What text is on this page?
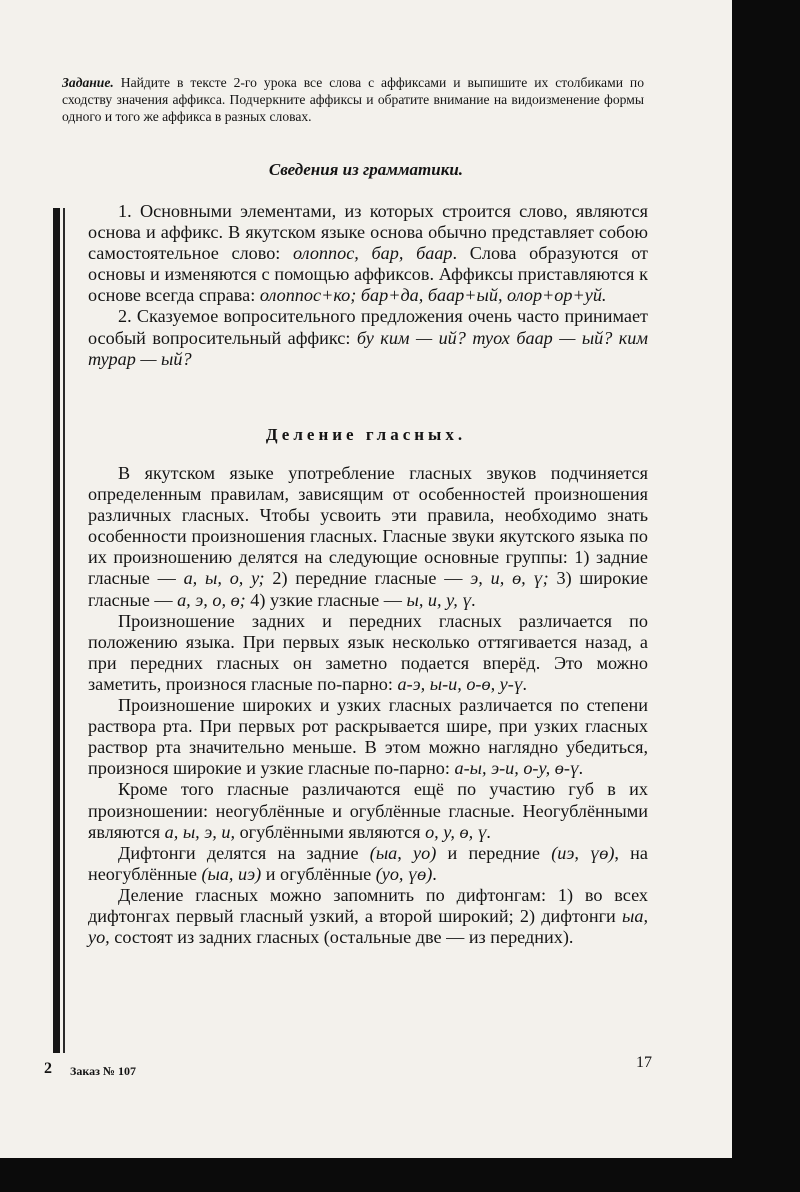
Задание. Найдите в тексте 2-го урока все слова с аффиксами и выпишите их столбиками по сходству значения аффикса. Подчеркните аффиксы и обратите внимание на видоизменение формы одного и того же аффикса в разных словах.
Сведения из грамматики.

1. Основными элементами, из которых строится слово, являются основа и аффикс. В якутском языке основа обычно представляет собою самостоятельное слово: олоппос, бар, баар. Слова образуются от основы и изменяются с помощью аффиксов. Аффиксы приставляются к основе всегда справа: олоппос+ко; бар+да, баар+ый, олор+ор+уй.

2. Сказуемое вопросительного предложения очень часто принимает особый вопросительный аффикс: бу ким — ий? туох баар — ый? ким турар — ый?

Деление гласных.

В якутском языке употребление гласных звуков подчиняется определенным правилам, зависящим от особенностей произношения различных гласных. Чтобы усвоить эти правила, необходимо знать особенности произношения гласных. Гласные звуки якутского языка по их произношению делятся на следующие основные группы: 1) задние гласные — а, ы, о, у; 2) передние гласные — э, и, ө, ү; 3) широкие гласные — а, э, о, ө; 4) узкие гласные — ы, и, у, ү.

Произношение задних и передних гласных различается по положению языка. При первых язык несколько оттягивается назад, а при передних гласных он заметно подается вперёд. Это можно заметить, произнося гласные по-парно: а-э, ы-и, о-ө, у-ү.

Произношение широких и узких гласных различается по степени раствора рта. При первых рот раскрывается шире, при узких гласных раствор рта значительно меньше. В этом можно наглядно убедиться, произнося широкие и узкие гласные по-парно: а-ы, э-и, о-у, ө-ү.

Кроме того гласные различаются ещё по участию губ в их произношении: неогублённые и огублённые гласные. Неогублёнными являются а, ы, э, и, огублёнными являются о, у, ө, ү.

Дифтонги делятся на задние (ыа, уо) и передние (иэ, үө), на неогублённые (ыа, иэ) и огублённые (уо, үө).

Деление гласных можно запомнить по дифтонгам: 1) во всех дифтонгах первый гласный узкий, а второй широкий; 2) дифтонги ыа, уо, состоят из задних гласных (остальные две — из передних).

2 Заказ № 107	17
